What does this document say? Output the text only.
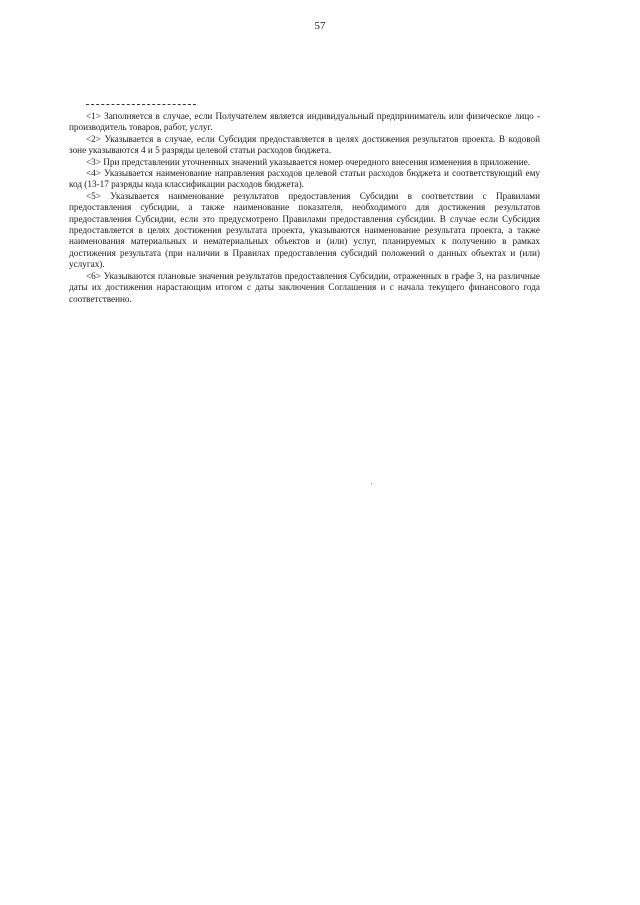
57

<1> Заполняется в случае, если Получателем является индивидуальный предприниматель или физическое лицо - производитель товаров, работ, услуг.

<2> Указывается в случае, если Субсидия предоставляется в целях достижения результатов проекта. В кодовой зоне указываются 4 и 5 разряды целевой статьи расходов бюджета.

<3> При представлении уточненных значений указывается номер очередного внесения изменения в приложение.

<4> Указывается наименование направления расходов целевой статьи расходов бюджета и соответствующий ему код (13-17 разряды кода классификации расходов бюджета).

<5> Указывается наименование результатов предоставления Субсидии в соответствии с Правилами предоставления субсидии, а также наименование показателя, необходимого для достижения результатов предоставления Субсидии, если это предусмотрено Правилами предоставления субсидии. В случае если Субсидия предоставляется в целях достижения результата проекта, указываются наименование результата проекта, а также наименования материальных и нематериальных объектов и (или) услуг, планируемых к получению в рамках достижения результата (при наличии в Правилах предоставления субсидий положений о данных объектах и (или) услугах).

<6> Указываются плановые значения результатов предоставления Субсидии, отраженных в графе 3, на различные даты их достижения нарастающим итогом с даты заключения Соглашения и с начала текущего финансового года соответственно.
